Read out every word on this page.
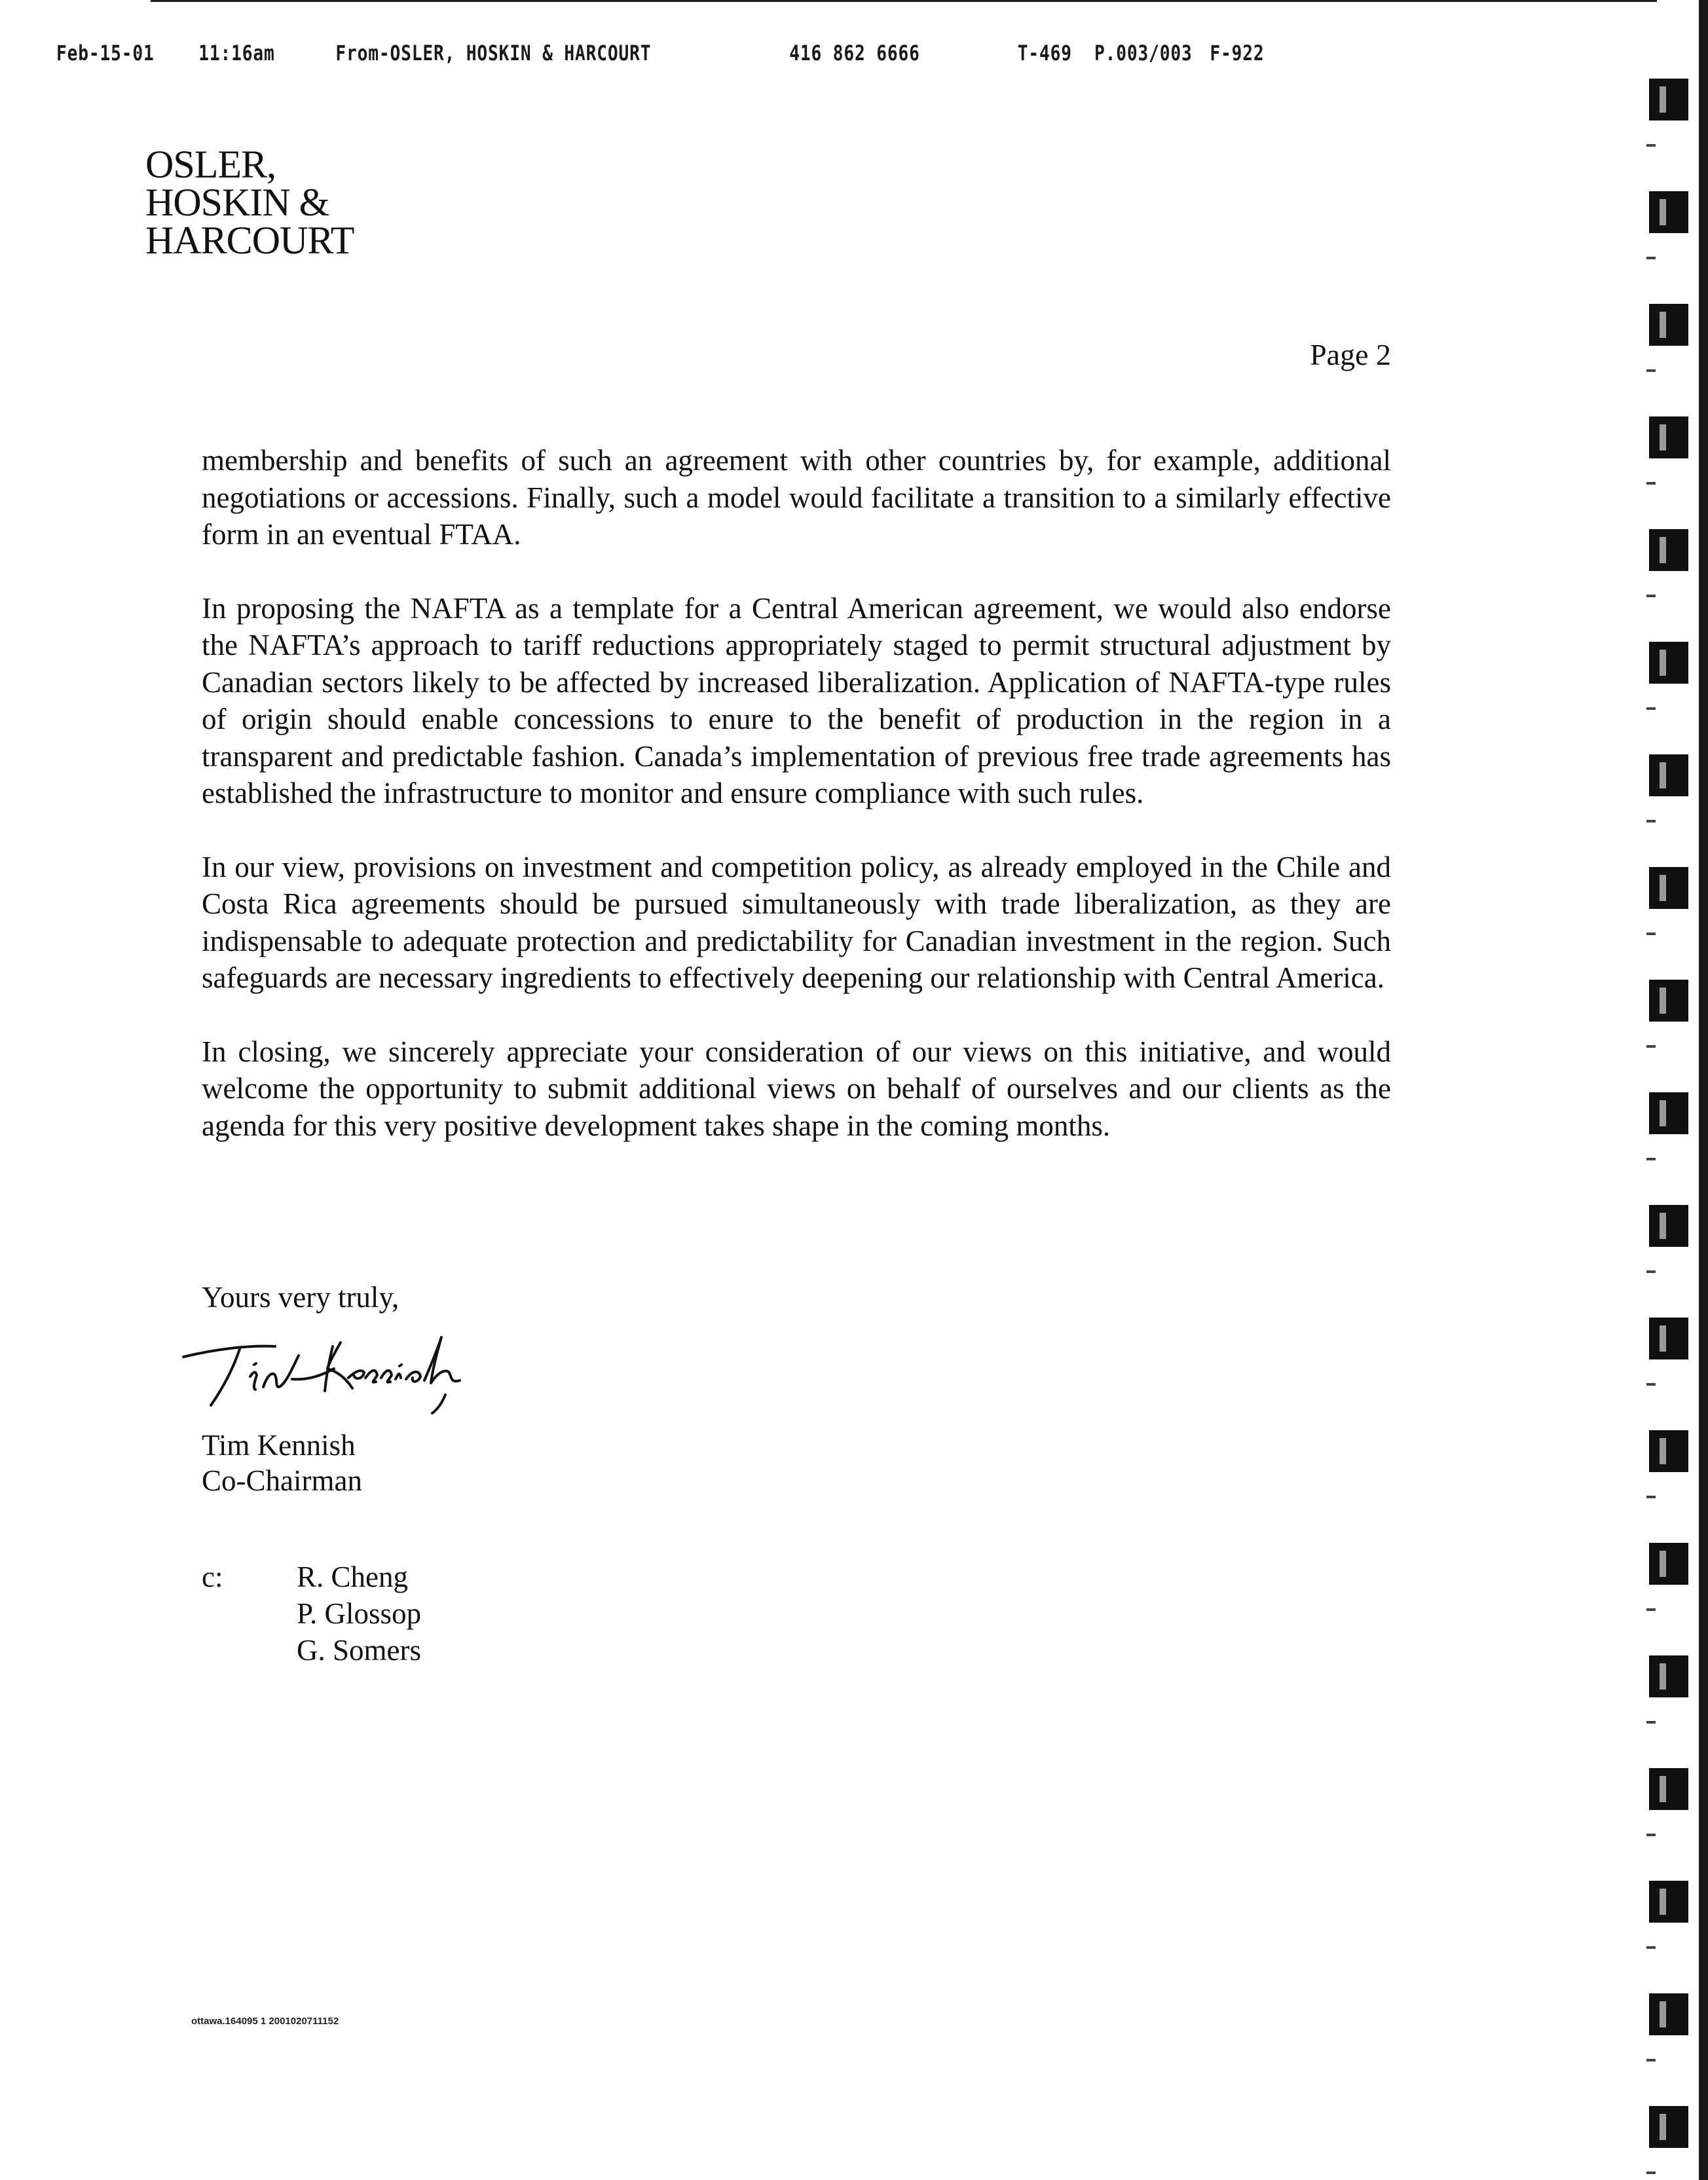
Feb-15-01 11:16am	From-OSLER, HOSKIN & HARCOURT	416 862 6666	T-469 P.003/003 F-922
OSLER,
HOSKIN &
HARCOURT
Page 2

membership and benefits of such an agreement with other countries by, for example, additional negotiations or accessions. Finally, such a model would facilitate a transition to a similarly effective form in an eventual FTAA.

In proposing the NAFTA as a template for a Central American agreement, we would also endorse the NAFTA’s approach to tariff reductions appropriately staged to permit structural adjustment by Canadian sectors likely to be affected by increased liberalization. Application of NAFTA-type rules of origin should enable concessions to enure to the benefit of production in the region in a transparent and predictable fashion. Canada’s implementation of previous free trade agreements has established the infrastructure to monitor and ensure compliance with such rules.

In our view, provisions on investment and competition policy, as already employed in the Chile and Costa Rica agreements should be pursued simultaneously with trade liberalization, as they are indispensable to adequate protection and predictability for Canadian investment in the region. Such safeguards are necessary ingredients to effectively deepening our relationship with Central America.

In closing, we sincerely appreciate your consideration of our views on this initiative, and would welcome the opportunity to submit additional views on behalf of ourselves and our clients as the agenda for this very positive development takes shape in the coming months.

Yours very truly,
Tim Kennish
Co-Chairman
c:	R. Cheng
P. Glossop
G. Somers
ottawa.164095 1 2001020711152
